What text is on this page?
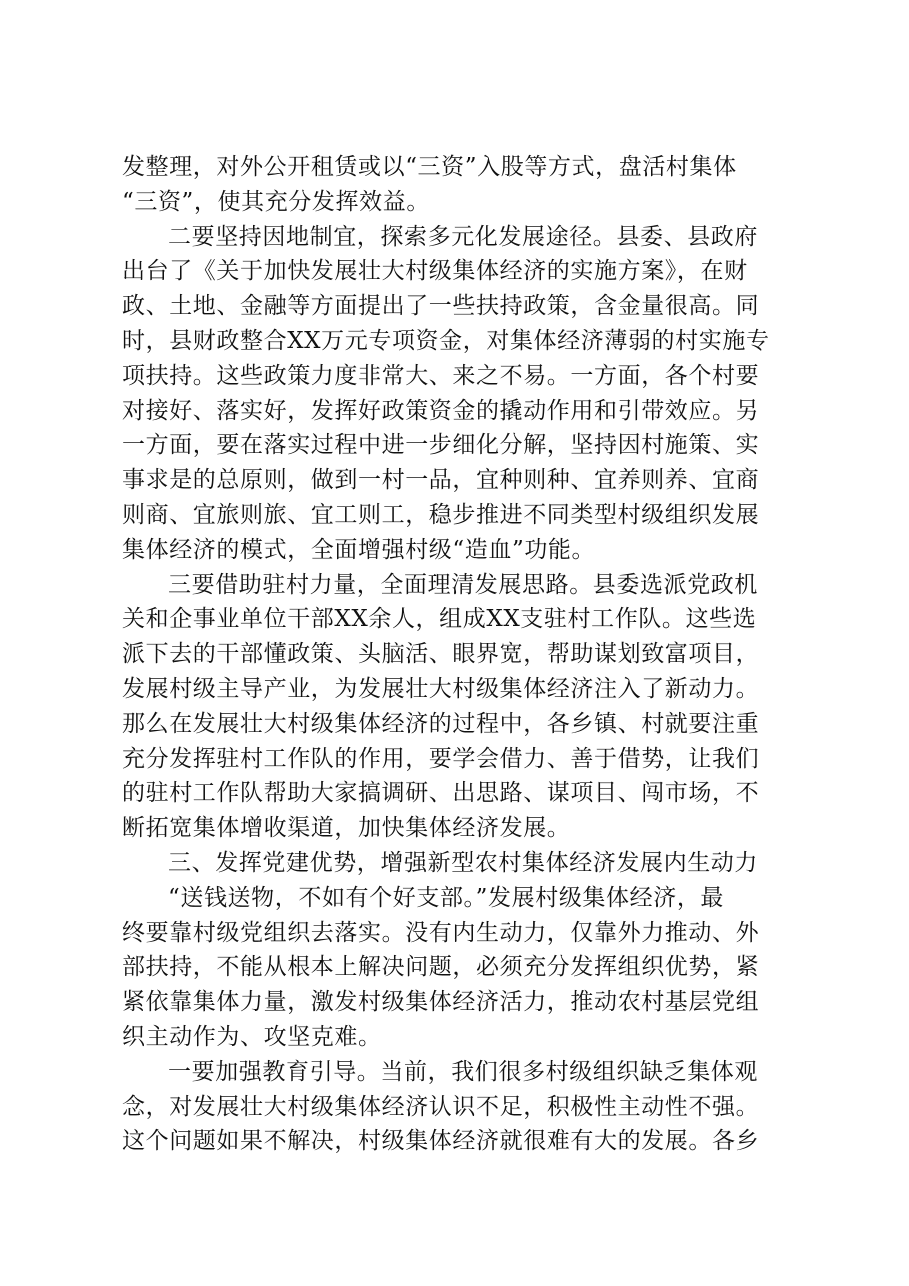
发整理，对外公开租赁或以“三资”入股等方式，盘活村集体
“三资”，使其充分发挥效益。
二要坚持因地制宜，探索多元化发展途径。县委、县政府
出台了《关于加快发展壮大村级集体经济的实施方案》，在财
政、土地、金融等方面提出了一些扶持政策，含金量很高。同
时，县财政整合XX万元专项资金，对集体经济薄弱的村实施专
项扶持。这些政策力度非常大、来之不易。一方面，各个村要
对接好、落实好，发挥好政策资金的撬动作用和引带效应。另
一方面，要在落实过程中进一步细化分解，坚持因村施策、实
事求是的总原则，做到一村一品，宜种则种、宜养则养、宜商
则商、宜旅则旅、宜工则工，稳步推进不同类型村级组织发展
集体经济的模式，全面增强村级“造血”功能。
三要借助驻村力量，全面理清发展思路。县委选派党政机
关和企事业单位干部XX余人，组成XX支驻村工作队。这些选
派下去的干部懂政策、头脑活、眼界宽，帮助谋划致富项目，
发展村级主导产业，为发展壮大村级集体经济注入了新动力。
那么在发展壮大村级集体经济的过程中，各乡镇、村就要注重
充分发挥驻村工作队的作用，要学会借力、善于借势，让我们
的驻村工作队帮助大家搞调研、出思路、谋项目、闯市场，不
断拓宽集体增收渠道，加快集体经济发展。
三、发挥党建优势，增强新型农村集体经济发展内生动力
“送钱送物，不如有个好支部。”发展村级集体经济，最
终要靠村级党组织去落实。没有内生动力，仅靠外力推动、外
部扶持，不能从根本上解决问题，必须充分发挥组织优势，紧
紧依靠集体力量，激发村级集体经济活力，推动农村基层党组
织主动作为、攻坚克难。
一要加强教育引导。当前，我们很多村级组织缺乏集体观
念，对发展壮大村级集体经济认识不足，积极性主动性不强。
这个问题如果不解决，村级集体经济就很难有大的发展。各乡
